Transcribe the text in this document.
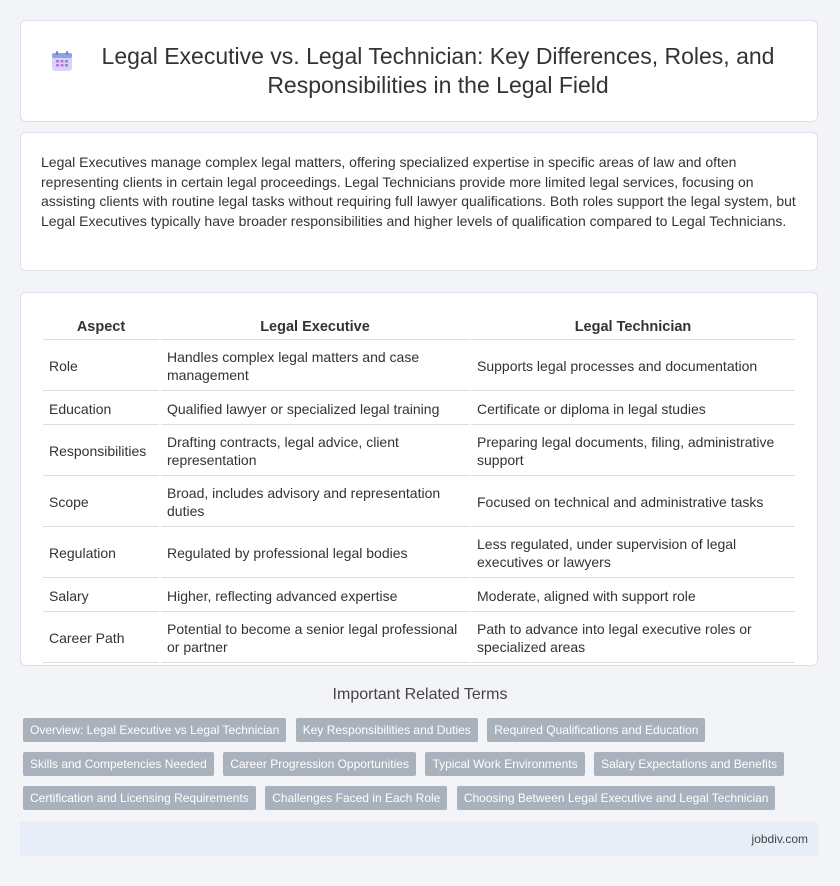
Legal Executive vs. Legal Technician: Key Differences, Roles, and Responsibilities in the Legal Field

Legal Executives manage complex legal matters, offering specialized expertise in specific areas of law and often representing clients in certain legal proceedings. Legal Technicians provide more limited legal services, focusing on assisting clients with routine legal tasks without requiring full lawyer qualifications. Both roles support the legal system, but Legal Executives typically have broader responsibilities and higher levels of qualification compared to Legal Technicians.

Aspect	Legal Executive	Legal Technician
Role	Handles complex legal matters and case management	Supports legal processes and documentation
Education	Qualified lawyer or specialized legal training	Certificate or diploma in legal studies
Responsibilities	Drafting contracts, legal advice, client representation	Preparing legal documents, filing, administrative support
Scope	Broad, includes advisory and representation duties	Focused on technical and administrative tasks
Regulation	Regulated by professional legal bodies	Less regulated, under supervision of legal executives or lawyers
Salary	Higher, reflecting advanced expertise	Moderate, aligned with support role
Career Path	Potential to become a senior legal professional or partner	Path to advance into legal executive roles or specialized areas
Important Related Terms
Overview: Legal Executive vs Legal Technician Key Responsibilities and Duties Required Qualifications and Education
Skills and Competencies Needed Career Progression Opportunities Typical Work Environments Salary Expectations and Benefits
Certification and Licensing Requirements Challenges Faced in Each Role Choosing Between Legal Executive and Legal Technician
jobdiv.com
